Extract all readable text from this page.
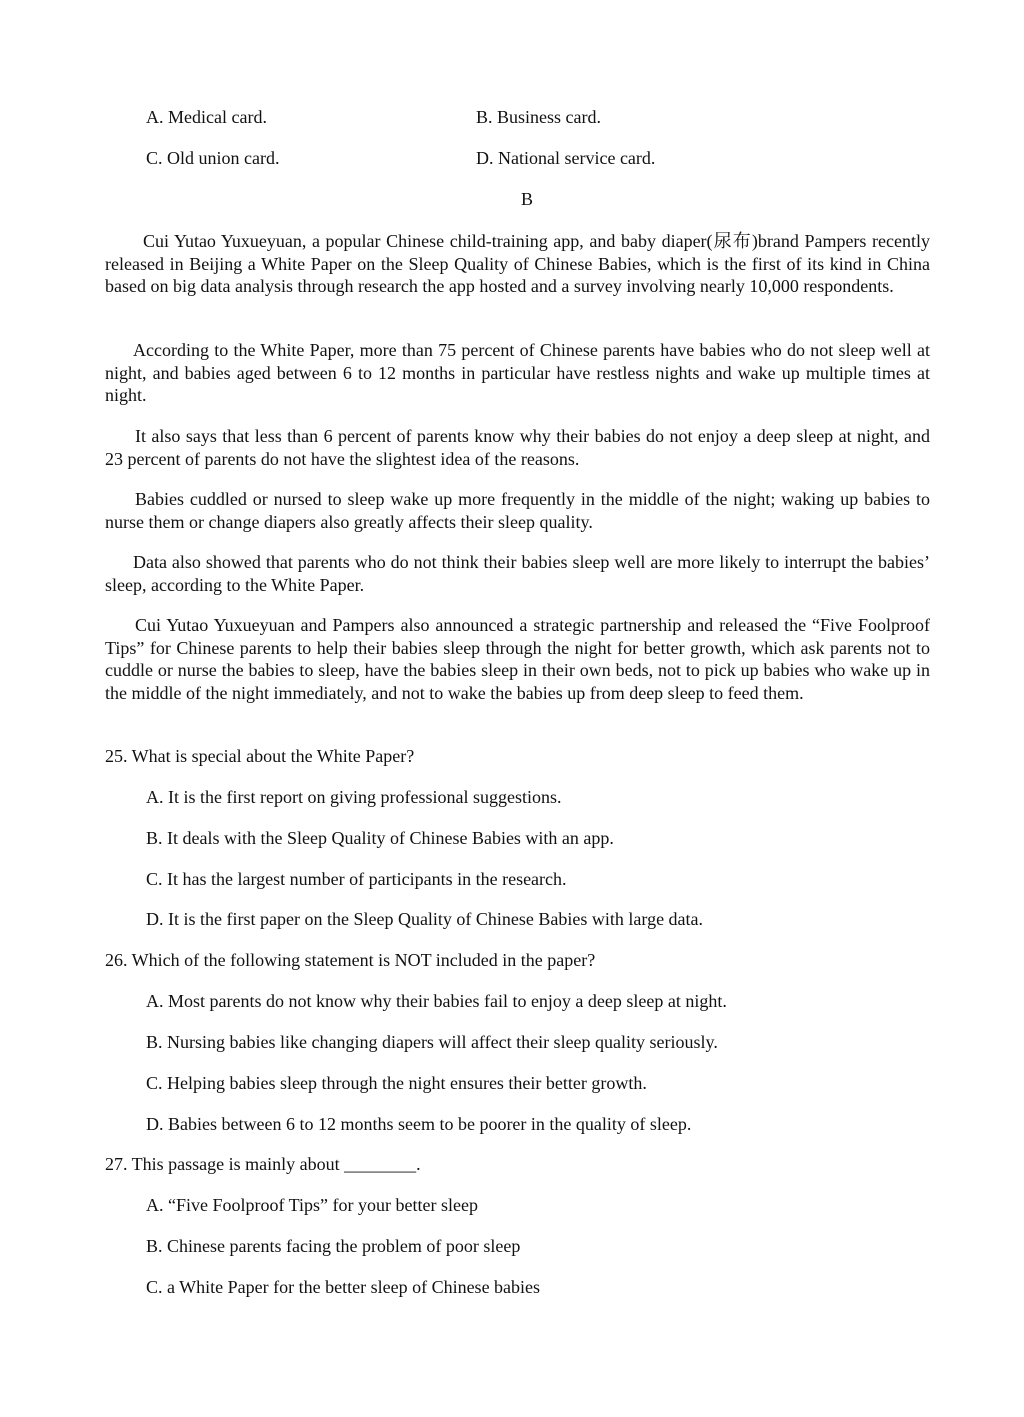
A. Medical card.	B. Business card.
C. Old union card.	D. National service card.
B
Cui Yutao Yuxueyuan, a popular Chinese child-training app, and baby diaper(尿布)brand Pampers recently released in Beijing a White Paper on the Sleep Quality of Chinese Babies, which is the first of its kind in China based on big data analysis through research the app hosted and a survey involving nearly 10,000 respondents.
According to the White Paper, more than 75 percent of Chinese parents have babies who do not sleep well at night, and babies aged between 6 to 12 months in particular have restless nights and wake up multiple times at night.
It also says that less than 6 percent of parents know why their babies do not enjoy a deep sleep at night, and 23 percent of parents do not have the slightest idea of the reasons.
Babies cuddled or nursed to sleep wake up more frequently in the middle of the night; waking up babies to nurse them or change diapers also greatly affects their sleep quality.
Data also showed that parents who do not think their babies sleep well are more likely to interrupt the babies’ sleep, according to the White Paper.
Cui Yutao Yuxueyuan and Pampers also announced a strategic partnership and released the “Five Foolproof Tips” for Chinese parents to help their babies sleep through the night for better growth, which ask parents not to cuddle or nurse the babies to sleep, have the babies sleep in their own beds, not to pick up babies who wake up in the middle of the night immediately, and not to wake the babies up from deep sleep to feed them.
25. What is special about the White Paper?
A. It is the first report on giving professional suggestions.
B. It deals with the Sleep Quality of Chinese Babies with an app.
C. It has the largest number of participants in the research.
D. It is the first paper on the Sleep Quality of Chinese Babies with large data.
26. Which of the following statement is NOT included in the paper?
A. Most parents do not know why their babies fail to enjoy a deep sleep at night.
B. Nursing babies like changing diapers will affect their sleep quality seriously.
C. Helping babies sleep through the night ensures their better growth.
D. Babies between 6 to 12 months seem to be poorer in the quality of sleep.
27. This passage is mainly about ________.
A. “Five Foolproof Tips” for your better sleep
B. Chinese parents facing the problem of poor sleep
C. a White Paper for the better sleep of Chinese babies
